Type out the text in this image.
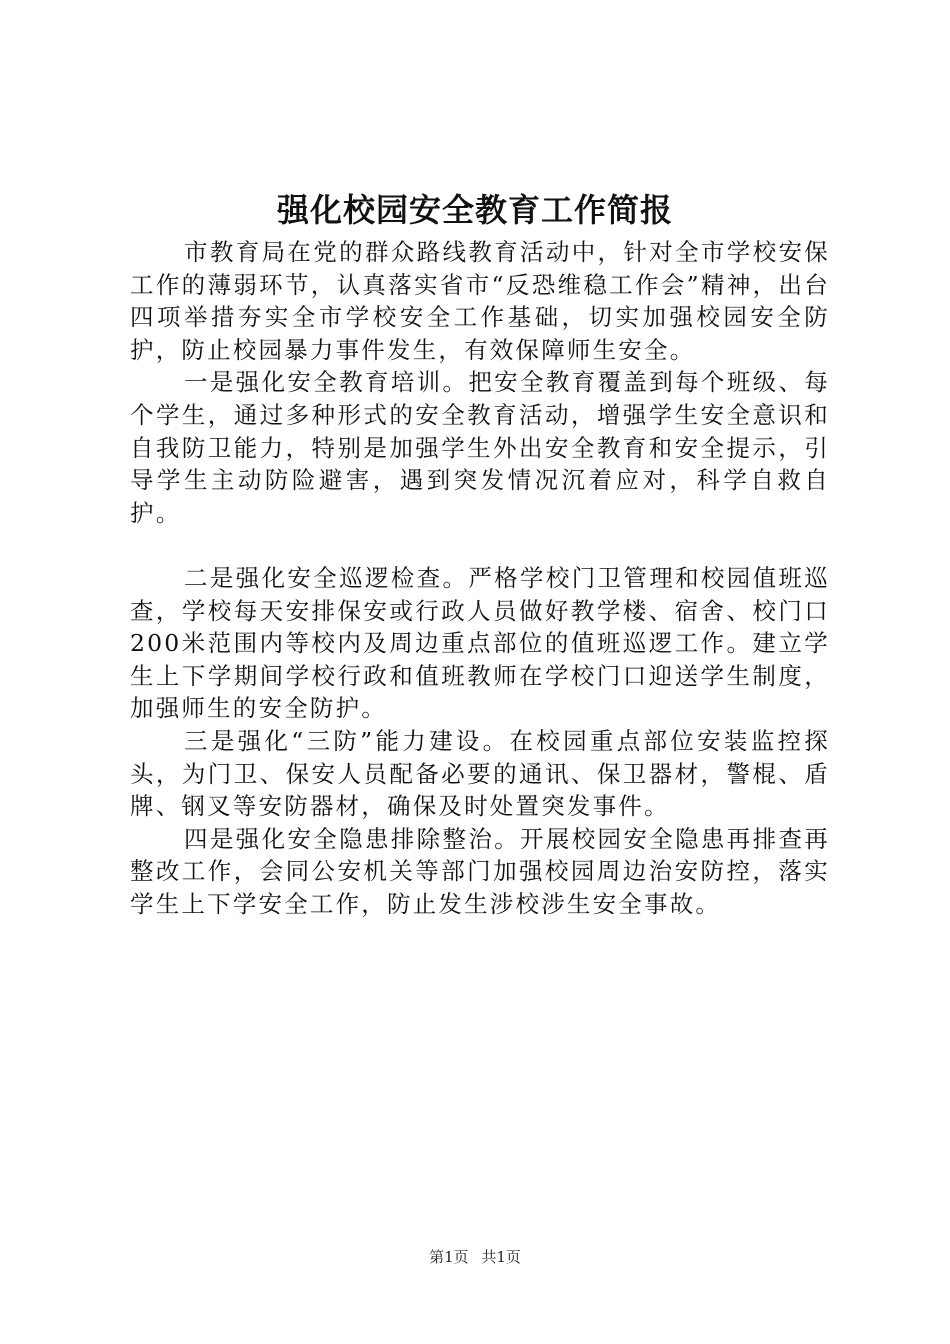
强化校园安全教育工作简报

市教育局在党的群众路线教育活动中，针对全市学校安保工作的薄弱环节，认真落实省市“反恐维稳工作会”精神，出台四项举措夯实全市学校安全工作基础，切实加强校园安全防护，防止校园暴力事件发生，有效保障师生安全。

一是强化安全教育培训。把安全教育覆盖到每个班级、每个学生，通过多种形式的安全教育活动，增强学生安全意识和自我防卫能力，特别是加强学生外出安全教育和安全提示，引导学生主动防险避害，遇到突发情况沉着应对，科学自救自护。

二是强化安全巡逻检查。严格学校门卫管理和校园值班巡查，学校每天安排保安或行政人员做好教学楼、宿舍、校门口200米范围内等校内及周边重点部位的值班巡逻工作。建立学生上下学期间学校行政和值班教师在学校门口迎送学生制度，加强师生的安全防护。

三是强化“三防”能力建设。在校园重点部位安装监控探头，为门卫、保安人员配备必要的通讯、保卫器材，警棍、盾牌、钢叉等安防器材，确保及时处置突发事件。

四是强化安全隐患排除整治。开展校园安全隐患再排查再整改工作，会同公安机关等部门加强校园周边治安防控，落实学生上下学安全工作，防止发生涉校涉生安全事故。

第1页 共1页
